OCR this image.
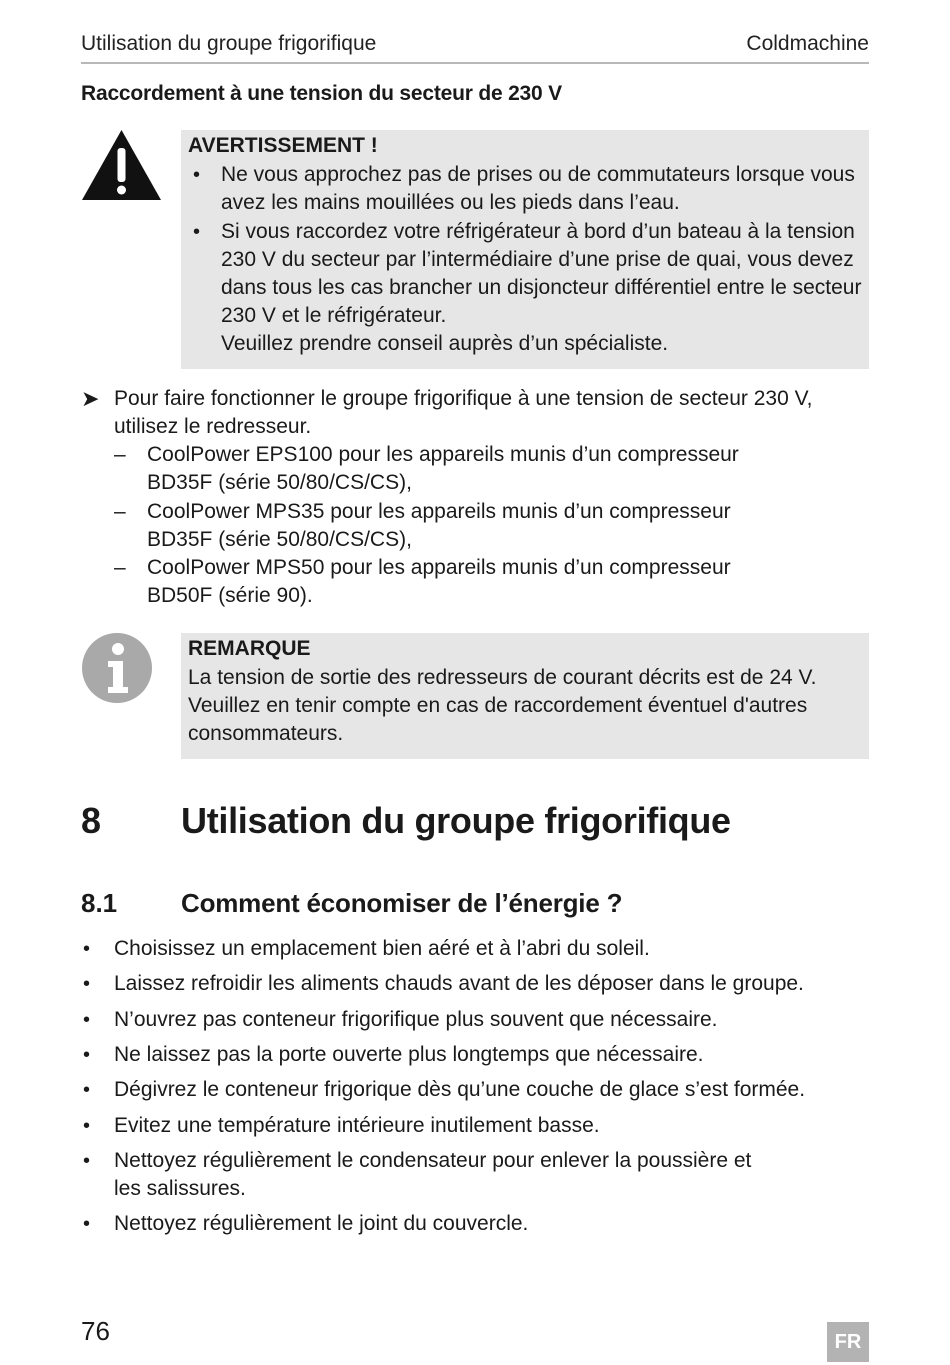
Utilisation du groupe frigorifique	Coldmachine
Raccordement à une tension du secteur de 230 V
AVERTISSEMENT !
• Ne vous approchez pas de prises ou de commutateurs lorsque vous
avez les mains mouillées ou les pieds dans l’eau.
• Si vous raccordez votre réfrigérateur à bord d’un bateau à la tension
230 V du secteur par l’intermédiaire d’une prise de quai, vous devez
dans tous les cas brancher un disjoncteur différentiel entre le secteur
230 V et le réfrigérateur.
Veuillez prendre conseil auprès d’un spécialiste.
➤ Pour faire fonctionner le groupe frigorifique à une tension de secteur 230 V,
utilisez le redresseur.
– CoolPower EPS100 pour les appareils munis d’un compresseur
BD35F (série 50/80/CS/CS),
– CoolPower MPS35 pour les appareils munis d’un compresseur
BD35F (série 50/80/CS/CS),
– CoolPower MPS50 pour les appareils munis d’un compresseur
BD50F (série 90).
REMARQUE
La tension de sortie des redresseurs de courant décrits est de 24 V.
Veuillez en tenir compte en cas de raccordement éventuel d'autres
consommateurs.
8 Utilisation du groupe frigorifique
8.1 Comment économiser de l’énergie ?
• Choisissez un emplacement bien aéré et à l’abri du soleil.
• Laissez refroidir les aliments chauds avant de les déposer dans le groupe.
• N’ouvrez pas conteneur frigorifique plus souvent que nécessaire.
• Ne laissez pas la porte ouverte plus longtemps que nécessaire.
• Dégivrez le conteneur frigorique dès qu’une couche de glace s’est formée.
• Evitez une température intérieure inutilement basse.
• Nettoyez régulièrement le condensateur pour enlever la poussière et
les salissures.
• Nettoyez régulièrement le joint du couvercle.
76	FR
